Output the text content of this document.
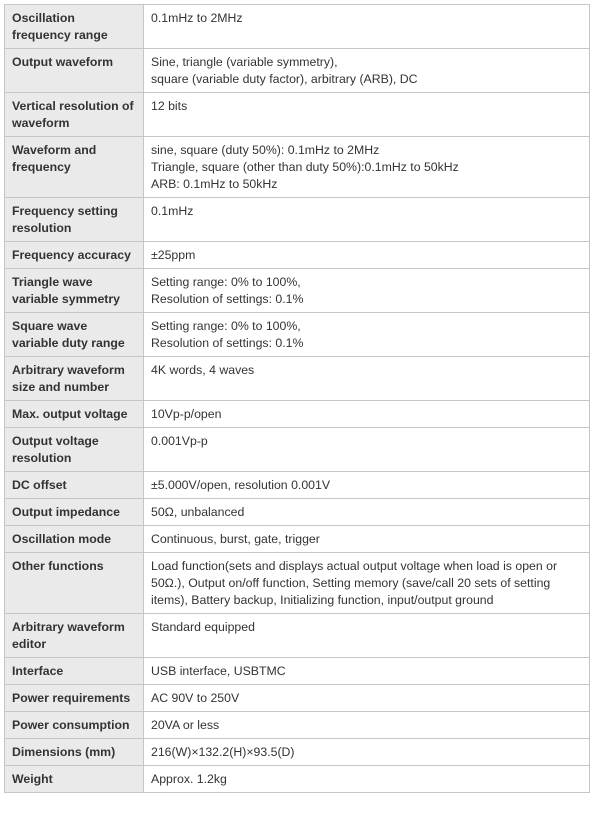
Oscillation frequency range	0.1mHz to 2MHz

Output waveform	Sine, triangle (variable symmetry),
square (variable duty factor), arbitrary (ARB), DC

Vertical resolution of waveform	12 bits

Waveform and frequency	sine, square (duty 50%): 0.1mHz to 2MHz
Triangle, square (other than duty 50%):0.1mHz to 50kHz
ARB: 0.1mHz to 50kHz

Frequency setting resolution	0.1mHz

Frequency accuracy	±25ppm

Triangle wave variable symmetry	Setting range: 0% to 100%,
Resolution of settings: 0.1%

Square wave variable duty range	Setting range: 0% to 100%,
Resolution of settings: 0.1%

Arbitrary waveform size and number	4K words, 4 waves

Max. output voltage	10Vp-p/open

Output voltage resolution	0.001Vp-p

DC offset	±5.000V/open, resolution 0.001V

Output impedance	50Ω, unbalanced

Oscillation mode	Continuous, burst, gate, trigger

Other functions	Load function(sets and displays actual output voltage when load is open or
50Ω.), Output on/off function, Setting memory (save/call 20 sets of setting
items), Battery backup, Initializing function, input/output ground

Arbitrary waveform editor	Standard equipped

Interface	USB interface, USBTMC

Power requirements	AC 90V to 250V

Power consumption	20VA or less

Dimensions (mm)	216(W)×132.2(H)×93.5(D)

Weight	Approx. 1.2kg
